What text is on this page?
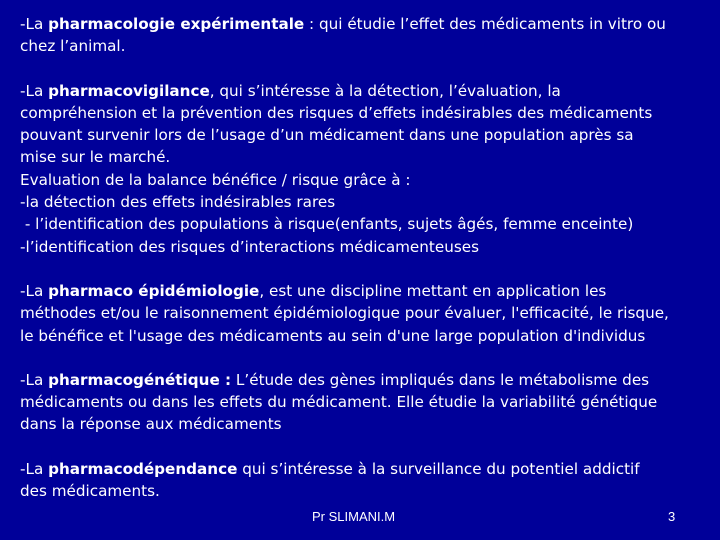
-La pharmacologie expérimentale : qui étudie l’effet des médicaments in vitro ou
chez l’animal.

-La pharmacovigilance, qui s’intéresse à la détection, l’évaluation, la
compréhension et la prévention des risques d’effets indésirables des médicaments
pouvant survenir lors de l’usage d’un médicament dans une population après sa
mise sur le marché.
Evaluation de la balance bénéfice / risque grâce à :
-la détection des effets indésirables rares
- l’identification des populations à risque(enfants, sujets âgés, femme enceinte)
-l’identification des risques d’interactions médicamenteuses

-La pharmaco épidémiologie, est une discipline mettant en application les
méthodes et/ou le raisonnement épidémiologique pour évaluer, l'efficacité, le risque,
le bénéfice et l'usage des médicaments au sein d'une large population d'individus

-La pharmacogénétique : L’étude des gènes impliqués dans le métabolisme des
médicaments ou dans les effets du médicament. Elle étudie la variabilité génétique
dans la réponse aux médicaments

-La pharmacodépendance qui s’intéresse à la surveillance du potentiel addictif
des médicaments.

Pr SLIMANI.M	3
